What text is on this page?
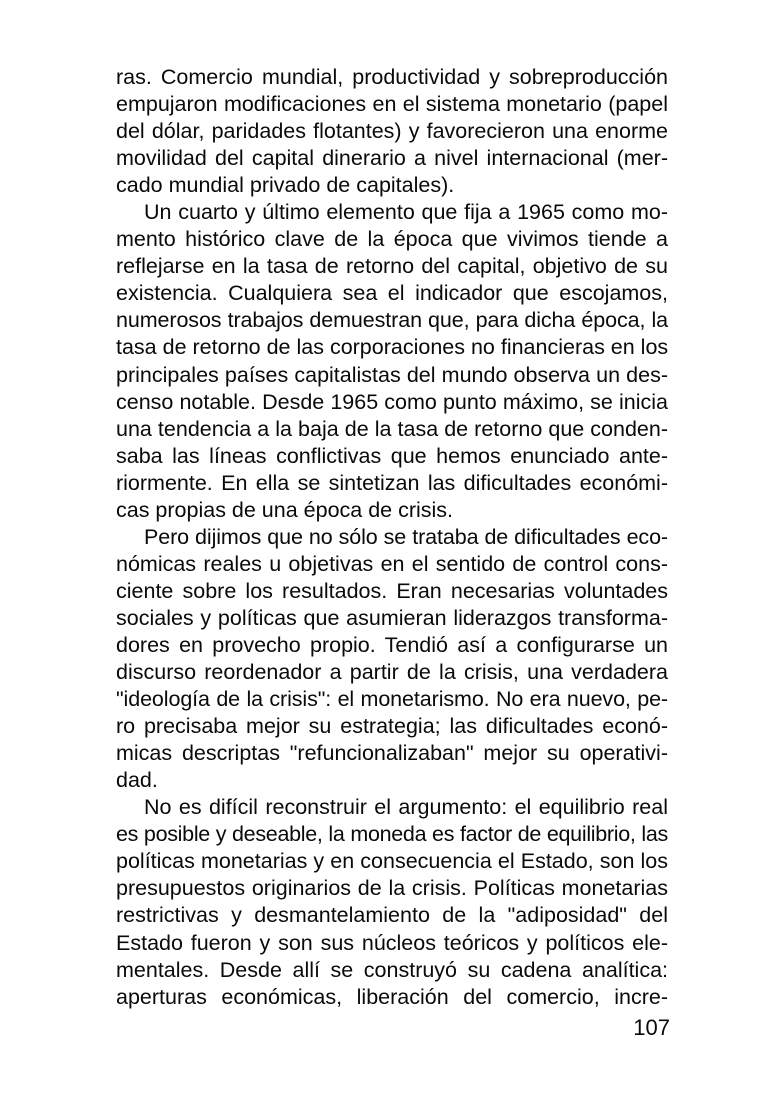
ras. Comercio mundial, productividad y sobreproducción
empujaron modificaciones en el sistema monetario (papel
del dólar, paridades flotantes) y favorecieron una enorme
movilidad del capital dinerario a nivel internacional (mer-
cado mundial privado de capitales).
Un cuarto y último elemento que fija a 1965 como mo-
mento histórico clave de la época que vivimos tiende a
reflejarse en la tasa de retorno del capital, objetivo de su
existencia. Cualquiera sea el indicador que escojamos,
numerosos trabajos demuestran que, para dicha época, la
tasa de retorno de las corporaciones no financieras en los
principales países capitalistas del mundo observa un des-
censo notable. Desde 1965 como punto máximo, se inicia
una tendencia a la baja de la tasa de retorno que conden-
saba las líneas conflictivas que hemos enunciado ante-
riormente. En ella se sintetizan las dificultades económi-
cas propias de una época de crisis.
Pero dijimos que no sólo se trataba de dificultades eco-
nómicas reales u objetivas en el sentido de control cons-
ciente sobre los resultados. Eran necesarias voluntades
sociales y políticas que asumieran liderazgos transforma-
dores en provecho propio. Tendió así a configurarse un
discurso reordenador a partir de la crisis, una verdadera
"ideología de la crisis": el monetarismo. No era nuevo, pe-
ro precisaba mejor su estrategia; las dificultades econó-
micas descriptas "refuncionalizaban" mejor su operativi-
dad.
No es difícil reconstruir el argumento: el equilibrio real
es posible y deseable, la moneda es factor de equilibrio, las
políticas monetarias y en consecuencia el Estado, son los
presupuestos originarios de la crisis. Políticas monetarias
restrictivas y desmantelamiento de la "adiposidad" del
Estado fueron y son sus núcleos teóricos y políticos ele-
mentales. Desde allí se construyó su cadena analítica:
aperturas económicas, liberación del comercio, incre-
107
